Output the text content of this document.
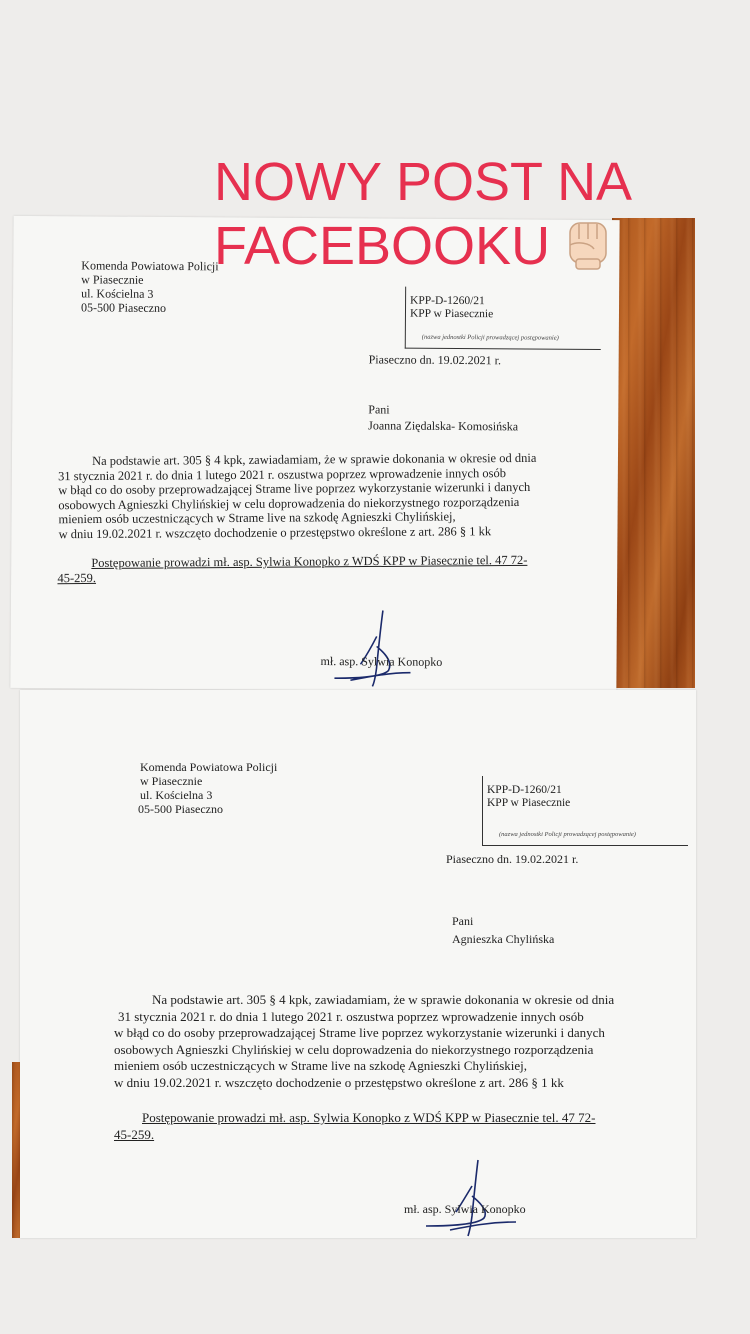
Komenda Powiatowa Policji
w Piasecznie
ul. Kościelna 3
05-500 Piaseczno	KPP-D-1260/21
KPP w Piasecznie
(nazwa jednostki Policji prowadzącej postępowanie)
Piaseczno dn. 19.02.2021 r.
Pani
Joanna Ziędalska- Komosińska
Na podstawie art. 305 § 4 kpk, zawiadamiam, że w sprawie dokonania w okresie od dnia
31 stycznia 2021 r. do dnia 1 lutego 2021 r. oszustwa poprzez wprowadzenie innych osób
w błąd co do osoby przeprowadzającej Strame live poprzez wykorzystanie wizerunki i danych
osobowych Agnieszki Chylińskiej w celu doprowadzenia do niekorzystnego rozporządzenia
mieniem osób uczestniczących w Strame live na szkodę Agnieszki Chylińskiej,
w dniu 19.02.2021 r. wszczęto dochodzenie o przestępstwo określone z art. 286 § 1 kk
Postępowanie prowadzi mł. asp. Sylwia Konopko z WDŚ KPP w Piasecznie tel. 47 72-
45-259.
mł. asp. Sylwia Konopko
NOWY POST NA
FACEBOOKU
Komenda Powiatowa Policji
w Piasecznie
ul. Kościelna 3
05-500 Piaseczno
KPP-D-1260/21
KPP w Piasecznie
(nazwa jednostki Policji prowadzącej postępowanie)
Piaseczno dn. 19.02.2021 r.
Pani
Agnieszka Chylińska
Na podstawie art. 305 § 4 kpk, zawiadamiam, że w sprawie dokonania w okresie od dnia
31 stycznia 2021 r. do dnia 1 lutego 2021 r. oszustwa poprzez wprowadzenie innych osób
w błąd co do osoby przeprowadzającej Strame live poprzez wykorzystanie wizerunki i danych
osobowych Agnieszki Chylińskiej w celu doprowadzenia do niekorzystnego rozporządzenia
mieniem osób uczestniczących w Strame live na szkodę Agnieszki Chylińskiej,
w dniu 19.02.2021 r. wszczęto dochodzenie o przestępstwo określone z art. 286 § 1 kk
Postępowanie prowadzi mł. asp. Sylwia Konopko z WDŚ KPP w Piasecznie tel. 47 72-
45-259.
mł. asp. Sylwia Konopko
